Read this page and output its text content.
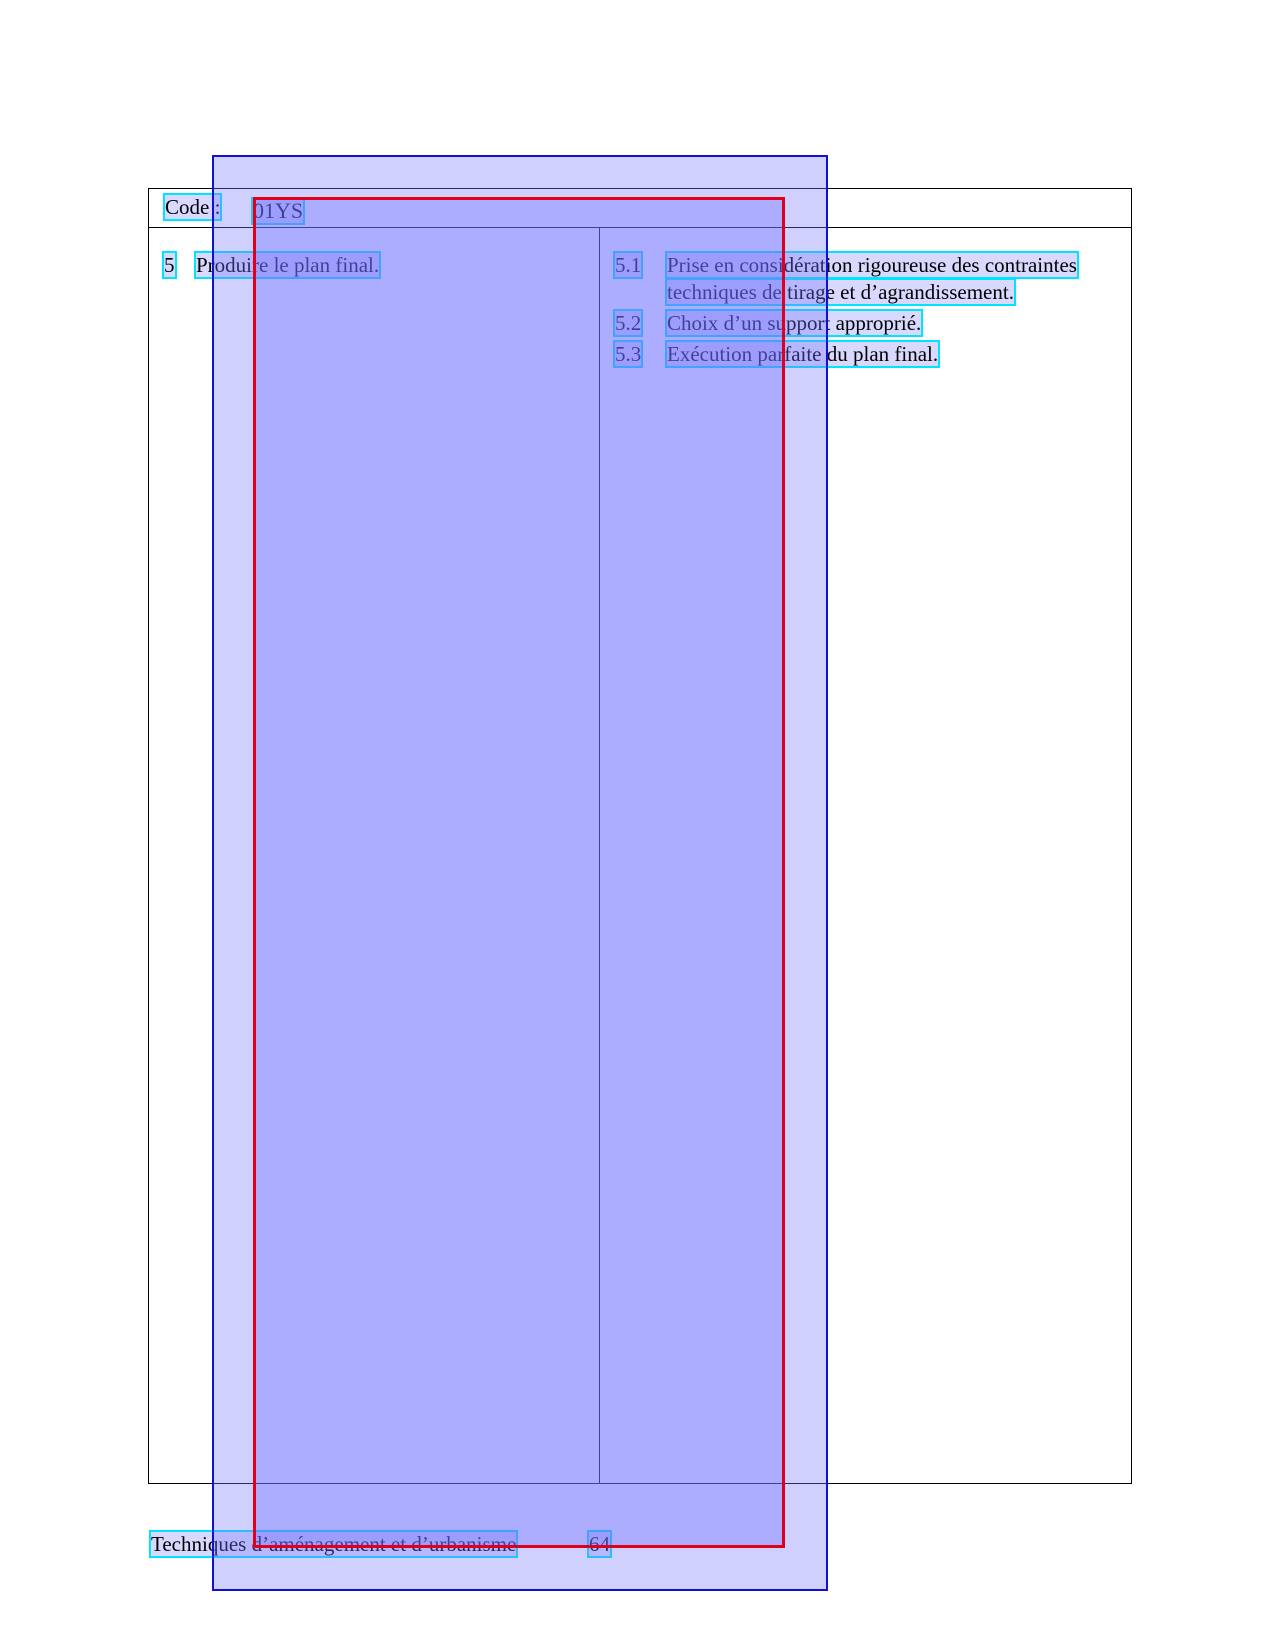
Code : 01YS
5 Produire le plan final.	5.1 Prise en considération rigoureuse des contraintes
techniques de tirage et d’agrandissement.
5.2 Choix d’un support approprié.
5.3 Exécution parfaite du plan final.
Techniques d’aménagement et d’urbanisme	64
